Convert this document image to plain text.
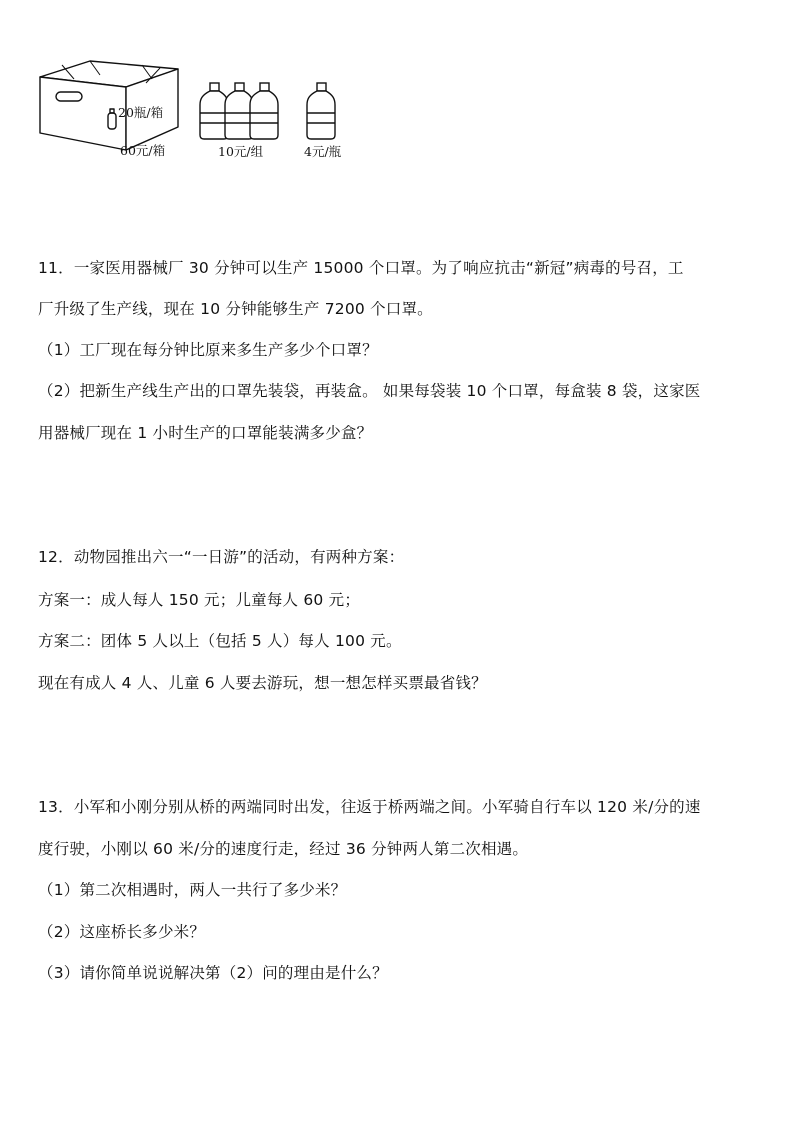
20瓶/箱
60元/箱	10元/组	4元/瓶
11．一家医用器械厂 30 分钟可以生产 15000 个口罩。为了响应抗击“新冠”病毒的号召，工
厂升级了生产线，现在 10 分钟能够生产 7200 个口罩。
（1）工厂现在每分钟比原来多生产多少个口罩？
（2）把新生产线生产出的口罩先装袋，再装盒。 如果每袋装 10 个口罩，每盒装 8 袋，这家医
用器械厂现在 1 小时生产的口罩能装满多少盒？
12．动物园推出六一“一日游”的活动，有两种方案：
方案一：成人每人 150 元；儿童每人 60 元；
方案二：团体 5 人以上（包括 5 人）每人 100 元。
现在有成人 4 人、儿童 6 人要去游玩，想一想怎样买票最省钱？
13．小军和小刚分别从桥的两端同时出发，往返于桥两端之间。小军骑自行车以 120 米/分的速
度行驶，小刚以 60 米/分的速度行走，经过 36 分钟两人第二次相遇。
（1）第二次相遇时，两人一共行了多少米？
（2）这座桥长多少米？
（3）请你简单说说解决第（2）问的理由是什么？
